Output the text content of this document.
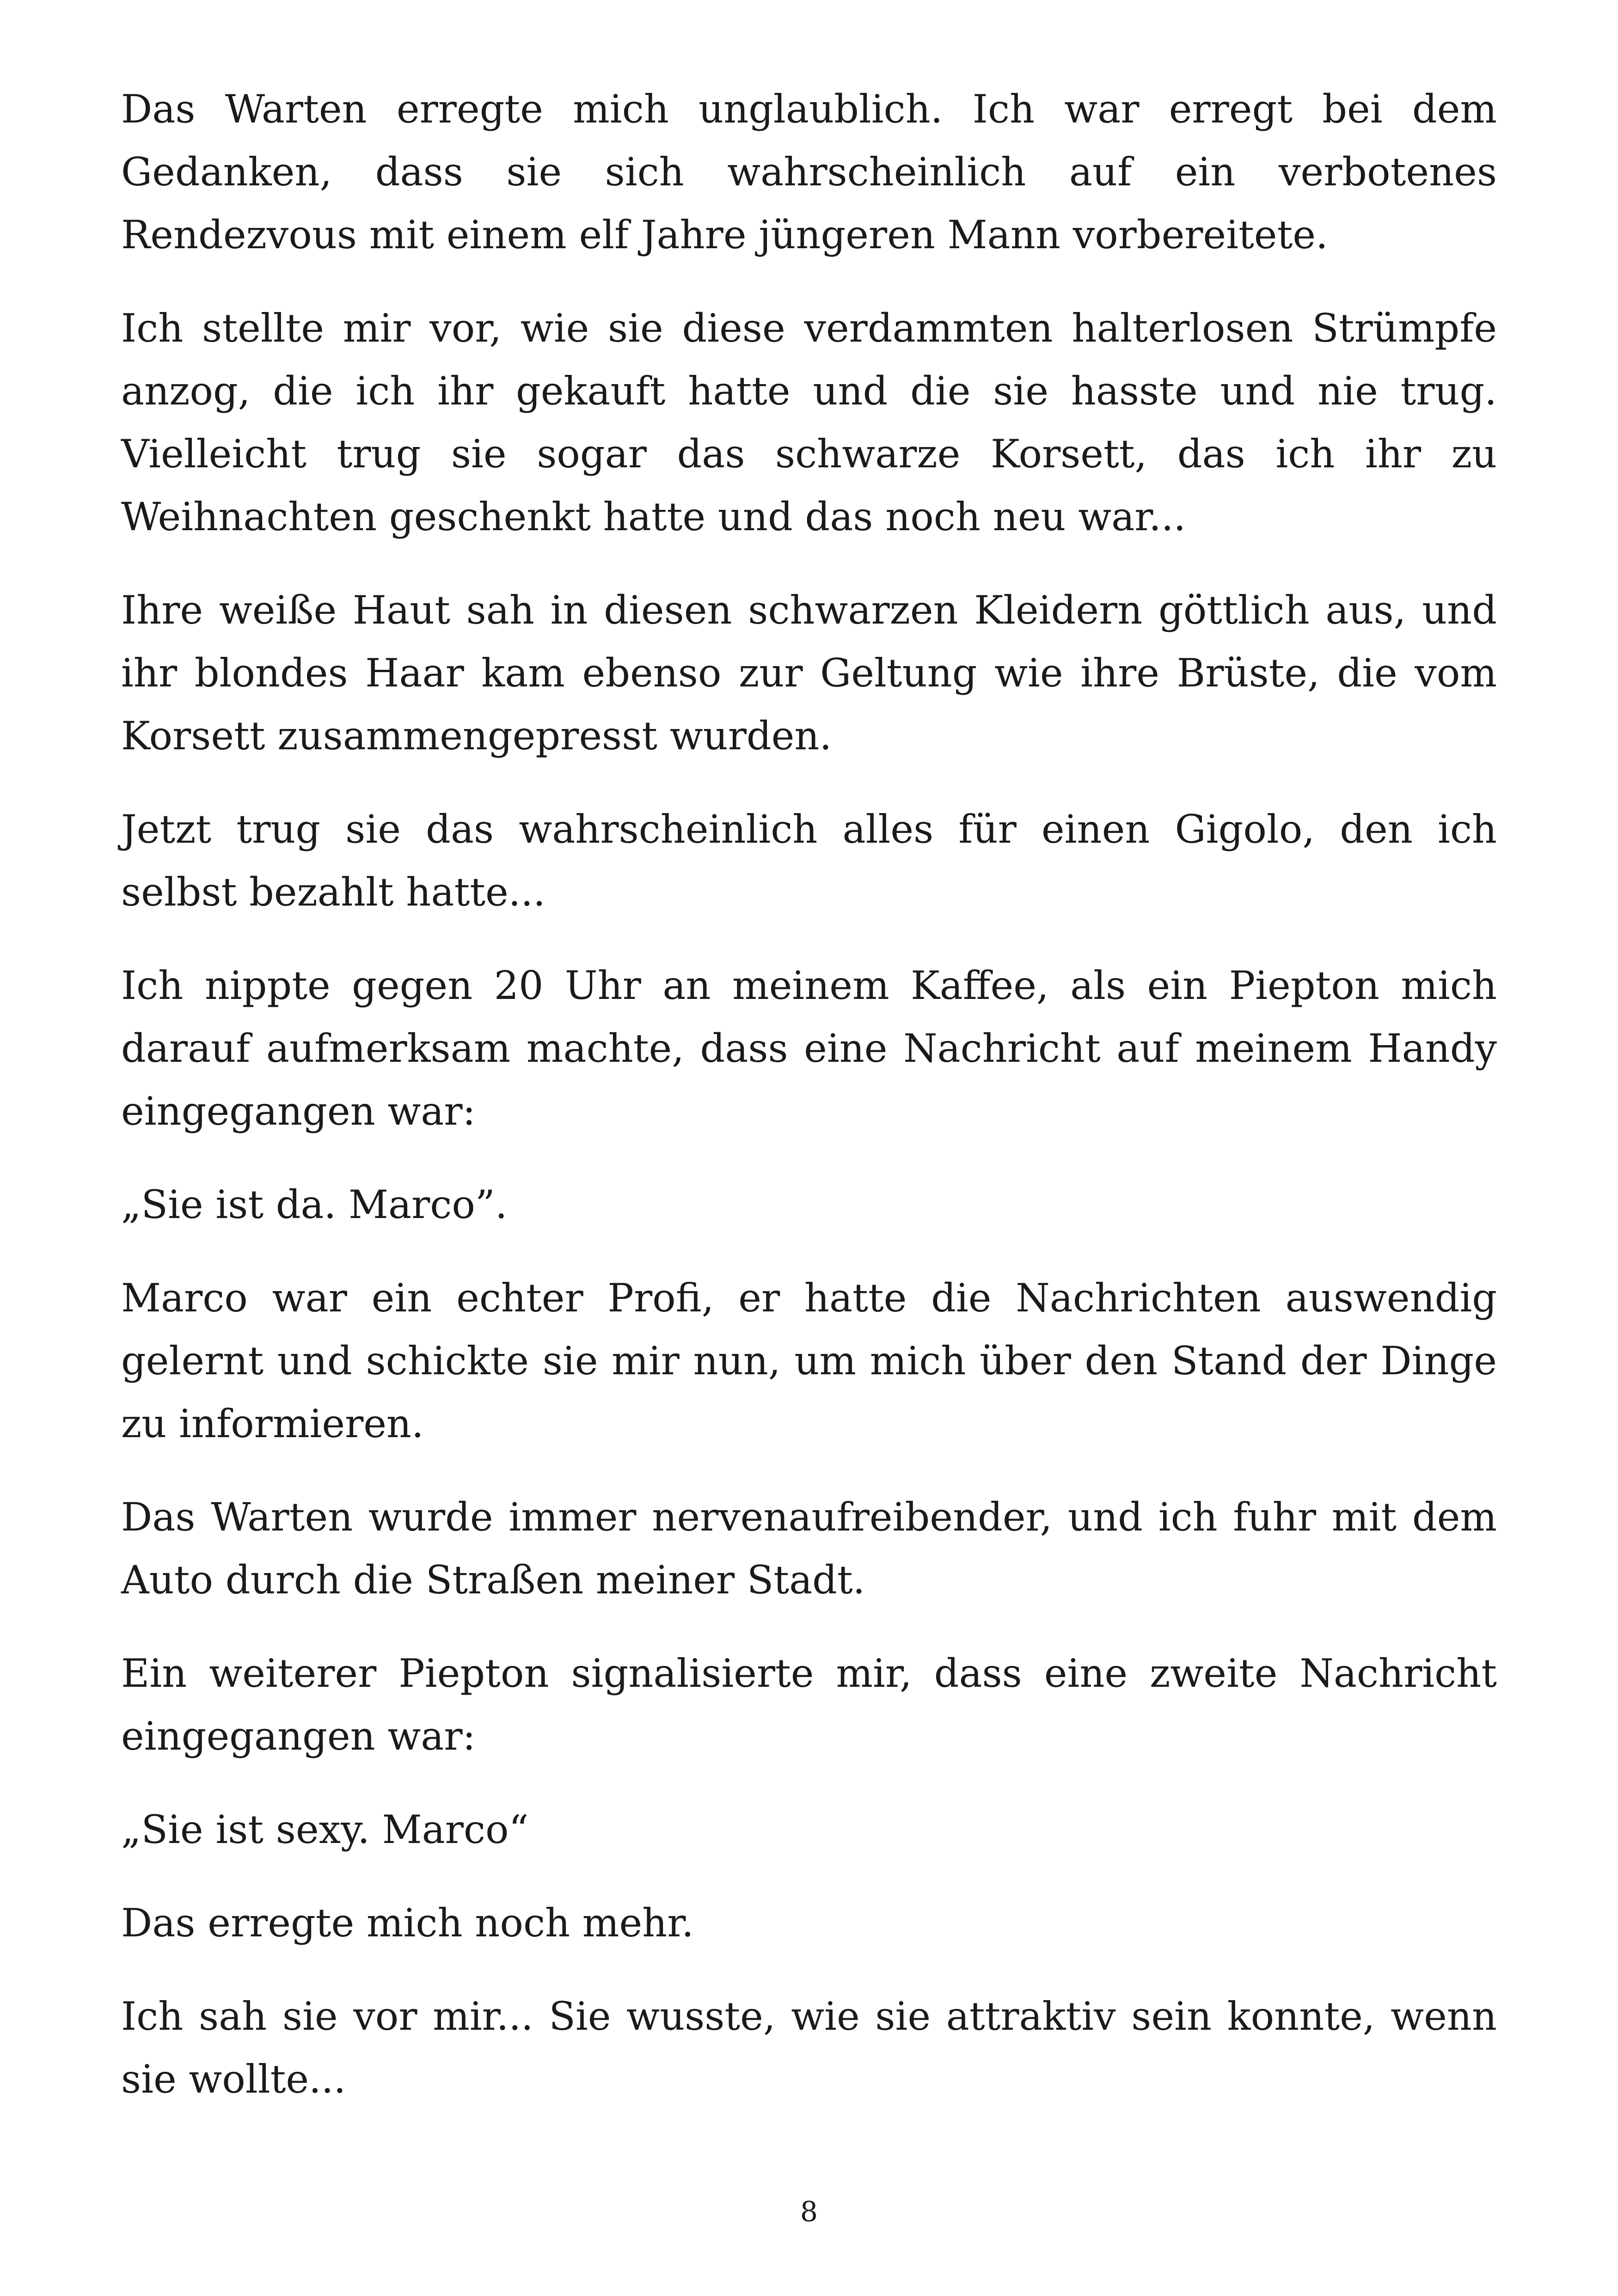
Das Warten erregte mich unglaublich. Ich war erregt bei dem Gedanken, dass sie sich wahrscheinlich auf ein verbotenes Rendezvous mit einem elf Jahre jüngeren Mann vorbereitete.

Ich stellte mir vor, wie sie diese verdammten halterlosen Strümpfe anzog, die ich ihr gekauft hatte und die sie hasste und nie trug. Vielleicht trug sie sogar das schwarze Korsett, das ich ihr zu Weihnachten geschenkt hatte und das noch neu war...

Ihre weiße Haut sah in diesen schwarzen Kleidern göttlich aus, und ihr blondes Haar kam ebenso zur Geltung wie ihre Brüste, die vom Korsett zusammengepresst wurden.

Jetzt trug sie das wahrscheinlich alles für einen Gigolo, den ich selbst bezahlt hatte...

Ich nippte gegen 20 Uhr an meinem Kaffee, als ein Piepton mich darauf aufmerksam machte, dass eine Nachricht auf meinem Handy eingegangen war:

„Sie ist da. Marco”.

Marco war ein echter Profi, er hatte die Nachrichten auswendig gelernt und schickte sie mir nun, um mich über den Stand der Dinge zu informieren.

Das Warten wurde immer nervenaufreibender, und ich fuhr mit dem Auto durch die Straßen meiner Stadt.

Ein weiterer Piepton signalisierte mir, dass eine zweite Nachricht eingegangen war:

„Sie ist sexy. Marco“

Das erregte mich noch mehr.

Ich sah sie vor mir... Sie wusste, wie sie attraktiv sein konnte, wenn sie wollte...

8
